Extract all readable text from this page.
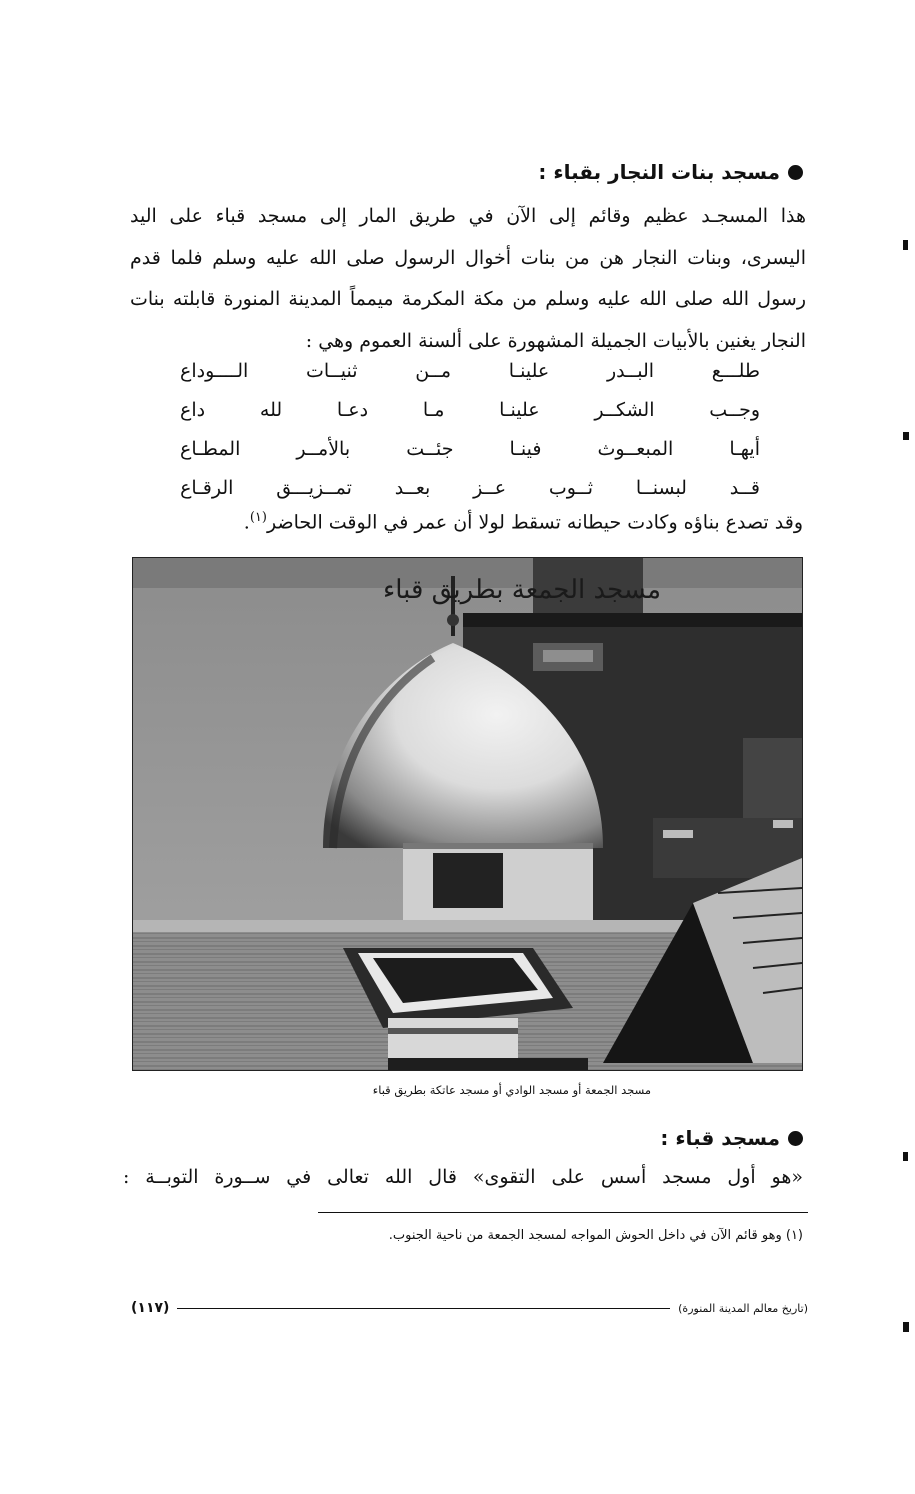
مسجد بنات النجار بقباء :
هذا المسجـد عظيم وقائم إلى الآن في طريق المار إلى مسجد قباء على اليد
اليسرى، وبنات النجار هن من بنات أخوال الرسول صلى الله عليه وسلم فلما قدم
رسول الله صلى الله عليه وسلم من مكة المكرمة ميمماً المدينة المنورة قابلته بنات
النجار يغنين بالأبيات الجميلة المشهورة على ألسنة العموم وهي :
طلـــع
البــدر
علينـا
مــن
ثنيــات
الــــوداع
وجــب
الشكــر
علينـا
مـا
دعـا
لله
داع
أيهـا
المبعــوث
فينـا
جئــت
بالأمــر
المطـاع
قــد
لبسنــا
ثــوب
عــز
بعــد
تمــزيـــق
الرقـاع
وقد تصدع بناؤه وكادت حيطانه تسقط لولا أن عمر في الوقت الحاضر$^{(١)}$.
مسجد الجمعة بطريق قباء
مسجد الجمعة أو مسجد الوادي أو مسجد عاتكة بطريق قباء
مسجد قباء :
«هو أول مسجد أسس على التقوى» قال الله تعالى في ســورة التوبــة :
(١) وهو قائم الآن في داخل الحوش المواجه لمسجد الجمعة من ناحية الجنوب.
(تاريخ معالم المدينة المنورة)
(١١٧)
